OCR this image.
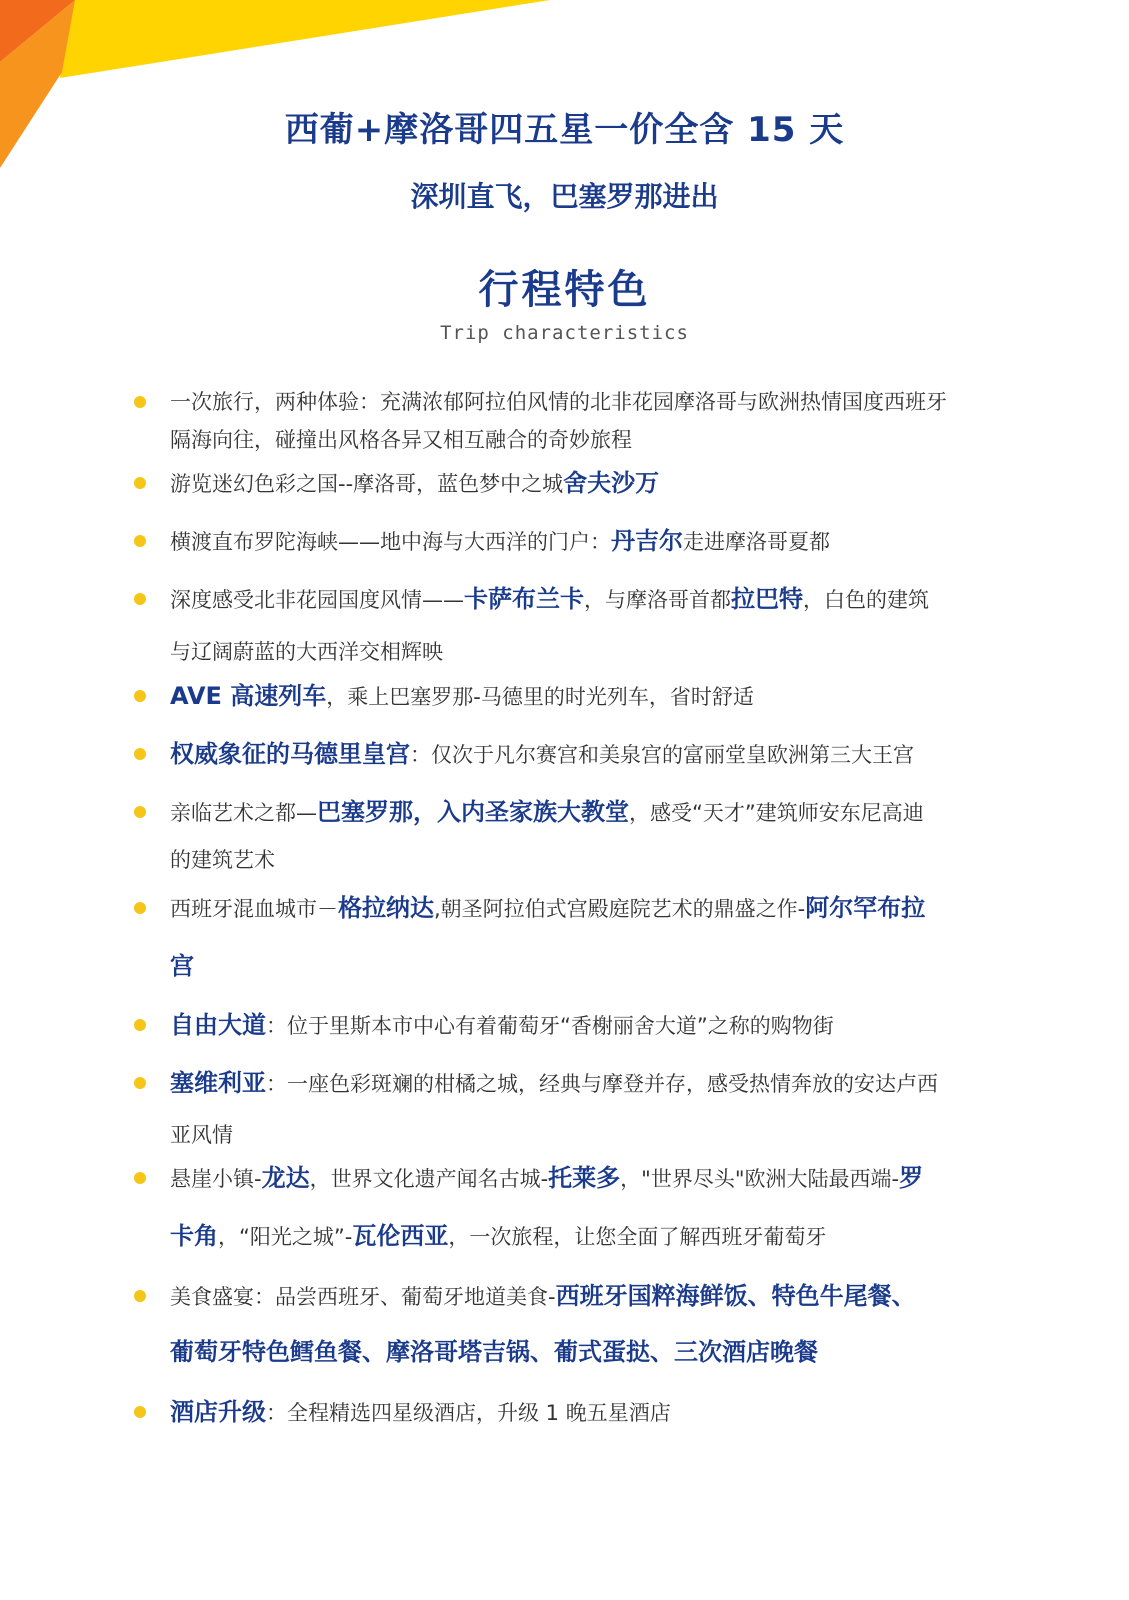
西葡+摩洛哥四五星一价全含 15 天
深圳直飞，巴塞罗那进出
行程特色
Trip characteristics
一次旅行，两种体验：充满浓郁阿拉伯风情的北非花园摩洛哥与欧洲热情国度西班牙
隔海向往，碰撞出风格各异又相互融合的奇妙旅程
游览迷幻色彩之国--摩洛哥，蓝色梦中之城舍夫沙万
横渡直布罗陀海峡——地中海与大西洋的门户：丹吉尔走进摩洛哥夏都
深度感受北非花园国度风情——卡萨布兰卡，与摩洛哥首都拉巴特，白色的建筑
与辽阔蔚蓝的大西洋交相辉映
AVE 高速列车，乘上巴塞罗那-马德里的时光列车，省时舒适
权威象征的马德里皇宫：仅次于凡尔赛宫和美泉宫的富丽堂皇欧洲第三大王宫
亲临艺术之都—巴塞罗那，入内圣家族大教堂，感受“天才”建筑师安东尼高迪
的建筑艺术
西班牙混血城市－格拉纳达,朝圣阿拉伯式宫殿庭院艺术的鼎盛之作-阿尔罕布拉
宫
自由大道：位于里斯本市中心有着葡萄牙“香榭丽舍大道”之称的购物街
塞维利亚：一座色彩斑斓的柑橘之城，经典与摩登并存，感受热情奔放的安达卢西
亚风情
悬崖小镇-龙达，世界文化遗产闻名古城-托莱多，"世界尽头"欧洲大陆最西端-罗
卡角，“阳光之城”-瓦伦西亚，一次旅程，让您全面了解西班牙葡萄牙
美食盛宴：品尝西班牙、葡萄牙地道美食-西班牙国粹海鲜饭、特色牛尾餐、
葡萄牙特色鳕鱼餐、摩洛哥塔吉锅、葡式蛋挞、三次酒店晚餐
酒店升级：全程精选四星级酒店，升级 1 晚五星酒店
